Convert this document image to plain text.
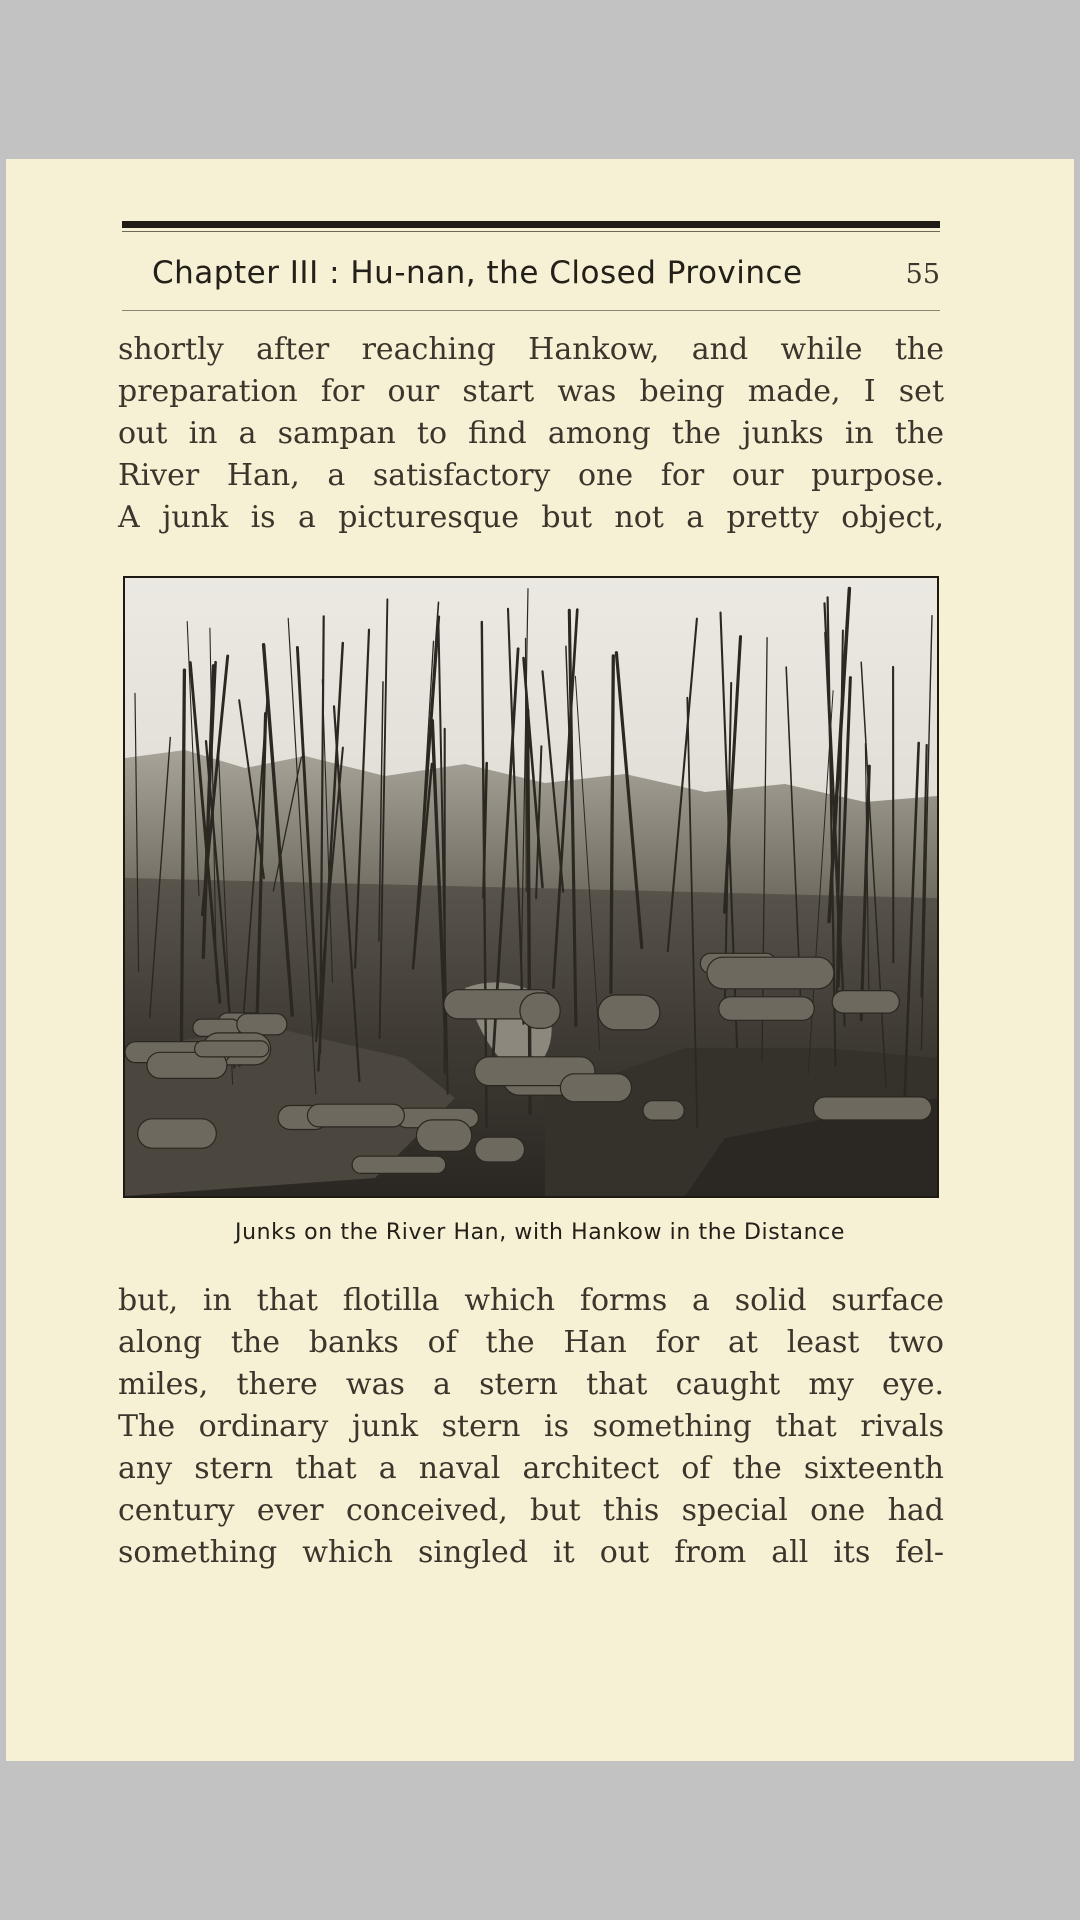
Chapter III : Hu-nan, the Closed Province	55
shortly after reaching Hankow, and while the
preparation for our start was being made, I set
out in a sampan to find among the junks in the
River Han, a satisfactory one for our purpose.
A junk is a picturesque but not a pretty object,
Junks on the River Han, with Hankow in the Distance
but, in that flotilla which forms a solid surface
along the banks of the Han for at least two
miles, there was a stern that caught my eye.
The ordinary junk stern is something that rivals
any stern that a naval architect of the sixteenth
century ever conceived, but this special one had
something which singled it out from all its fel-
